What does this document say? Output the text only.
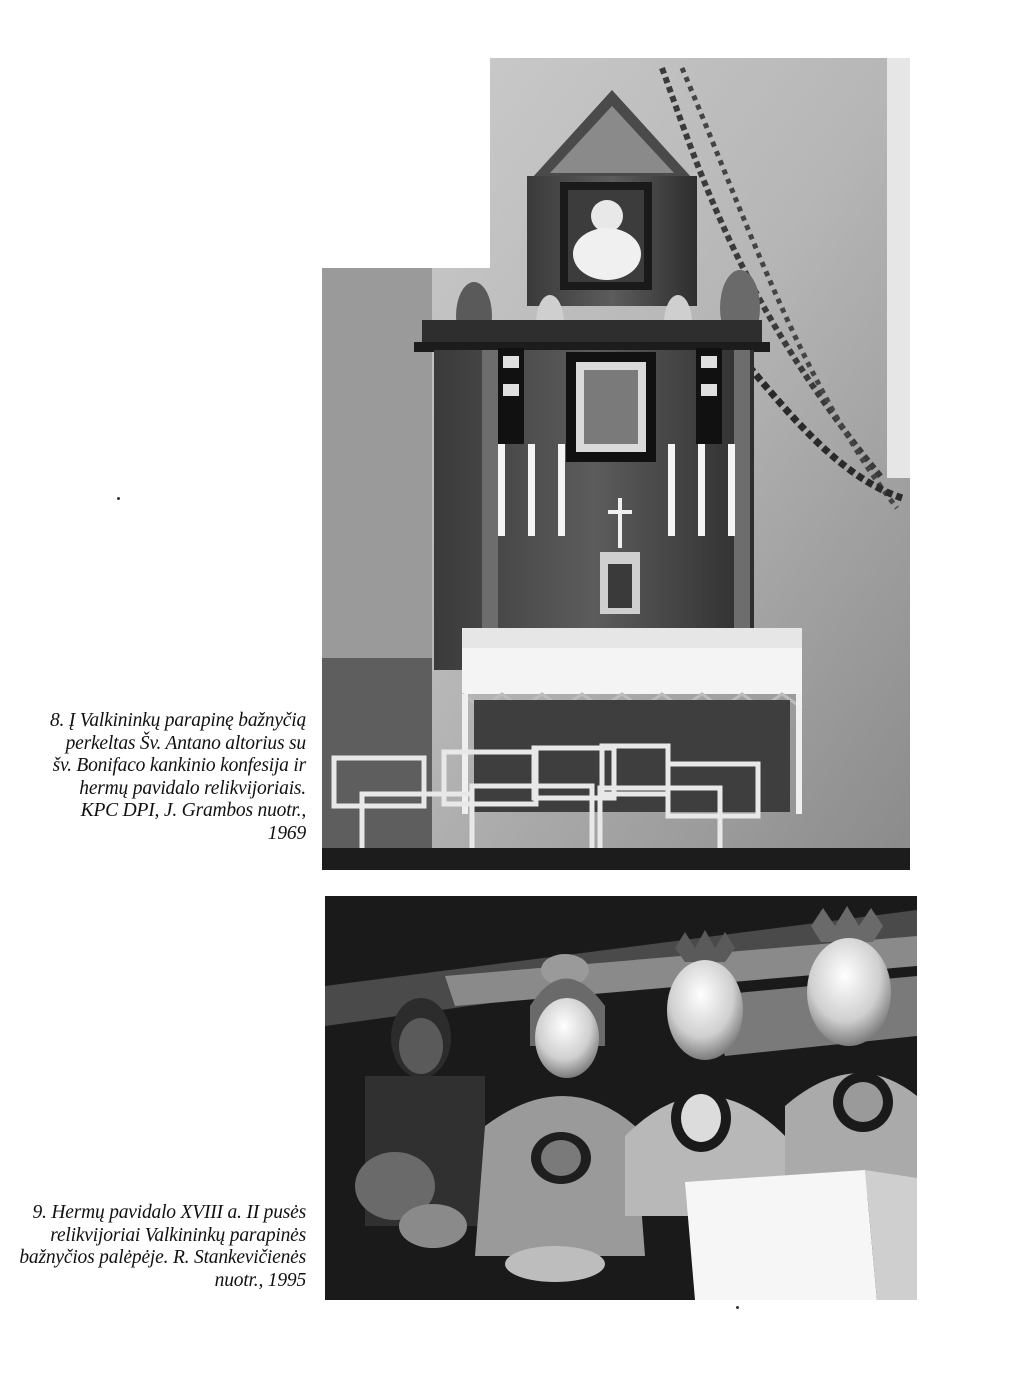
8. Į Valkininkų parapinę bažnyčią
perkeltas Šv. Antano altorius su
šv. Bonifaco kankinio konfesija ir
hermų pavidalo relikvijoriais.
KPC DPI, J. Grambos nuotr.,
1969
9. Hermų pavidalo XVIII a. II pusės
relikvijoriai Valkininkų parapinės
bažnyčios palėpėje. R. Stankevičienės
nuotr., 1995
